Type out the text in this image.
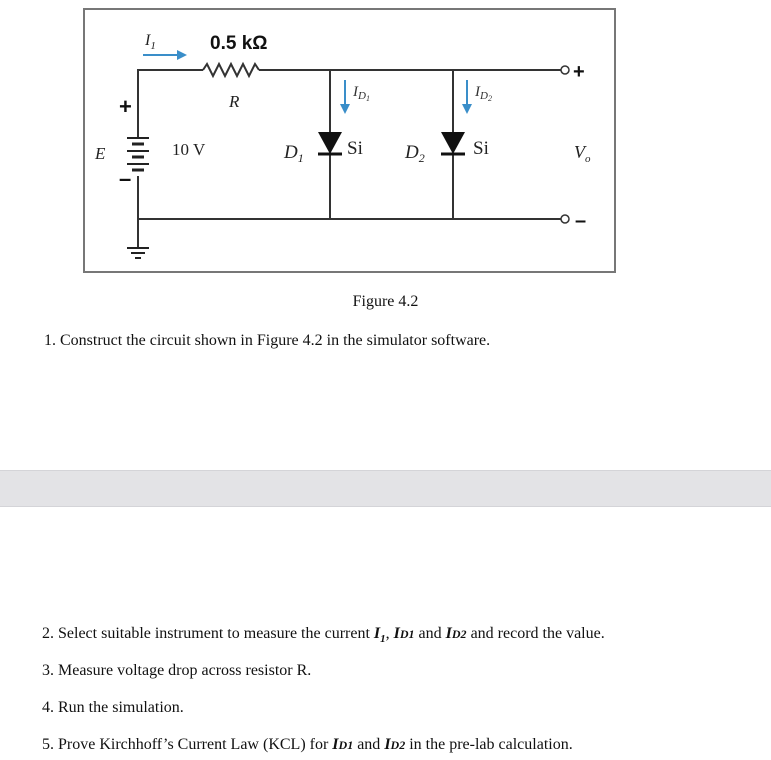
$I_1$	0.5 kΩ
R
+
E
–
10 V	$D_1$ Si $D_2$	Si
$I_D1$	$I_D2$
$V_o$
+
–
Figure 4.2
1. Construct the circuit shown in Figure 4.2 in the simulator software.
2. Select suitable instrument to measure the current $I_1$, ID1 and ID2 and record the value.
3. Measure voltage drop across resistor R.
4. Run the simulation.
5. Prove Kirchhoff’s Current Law (KCL) for ID1 and ID2 in the pre-lab calculation.
